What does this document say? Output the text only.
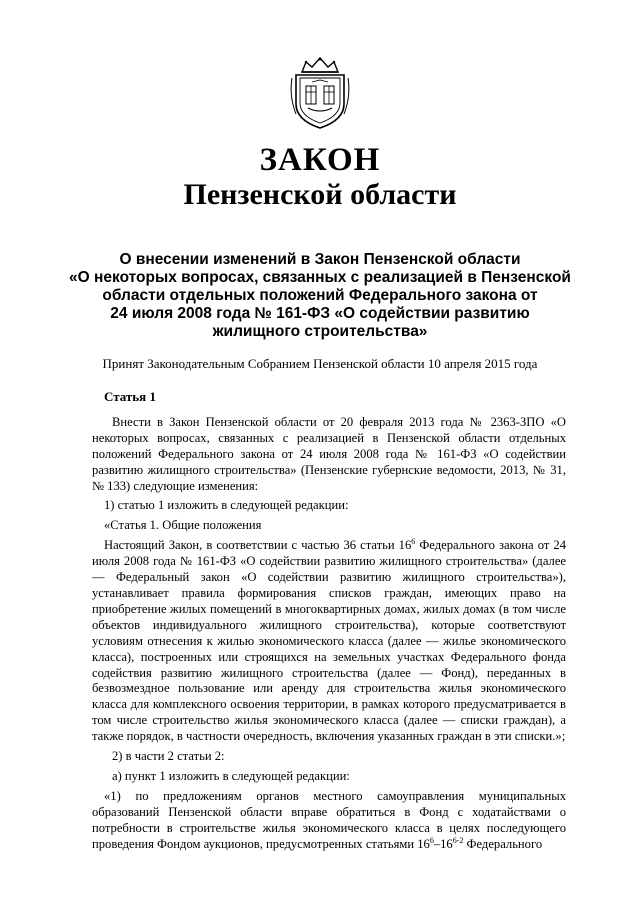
ЗАКОН
Пензенской области
О внесении изменений в Закон Пензенской области
«О некоторых вопросах, связанных с реализацией в Пензенской
области отдельных положений Федерального закона от
24 июля 2008 года № 161-ФЗ «О содействии развитию
жилищного строительства»
Принят Законодательным Собранием Пензенской области 10 апреля 2015 года

Статья 1

Внести в Закон Пензенской области от 20 февраля 2013 года № 2363-ЗПО «О некоторых вопросах, связанных с реализацией в Пензенской области отдельных положений Федерального закона от 24 июля 2008 года № 161-ФЗ «О содействии развитию жилищного строительства» (Пензенские губернские ведомости, 2013, № 31, № 133) следующие изменения:

1) статью 1 изложить в следующей редакции:

«Статья 1. Общие положения

Настоящий Закон, в соответствии с частью 36 статьи $16^6$ Федерального закона от 24 июля 2008 года № 161-ФЗ «О содействии развитию жилищного строительства» (далее — Федеральный закон «О содействии развитию жилищного строительства»), устанавливает правила формирования списков граждан, имеющих право на приобретение жилых помещений в многоквартирных домах, жилых домах (в том числе объектов индивидуального жилищного строительства), которые соответствуют условиям отнесения к жилью экономического класса (далее — жилье экономического класса), построенных или строящихся на земельных участках Федерального фонда содействия развитию жилищного строительства (далее — Фонд), переданных в безвозмездное пользование или аренду для строительства жилья экономического класса для комплексного освоения территории, в рамках которого предусматривается в том числе строительство жилья экономического класса (далее — списки граждан), а также порядок, в частности очередность, включения указанных граждан в эти списки.»;

2) в части 2 статьи 2:

а) пункт 1 изложить в следующей редакции:

«1) по предложениям органов местного самоуправления муниципальных образований Пензенской области вправе обратиться в Фонд с ходатайствами о потребности в строительстве жилья экономического класса в целях последующего проведения Фондом аукционов, предусмотренных статьями $16^6-16^{6-2}$ Федерального
